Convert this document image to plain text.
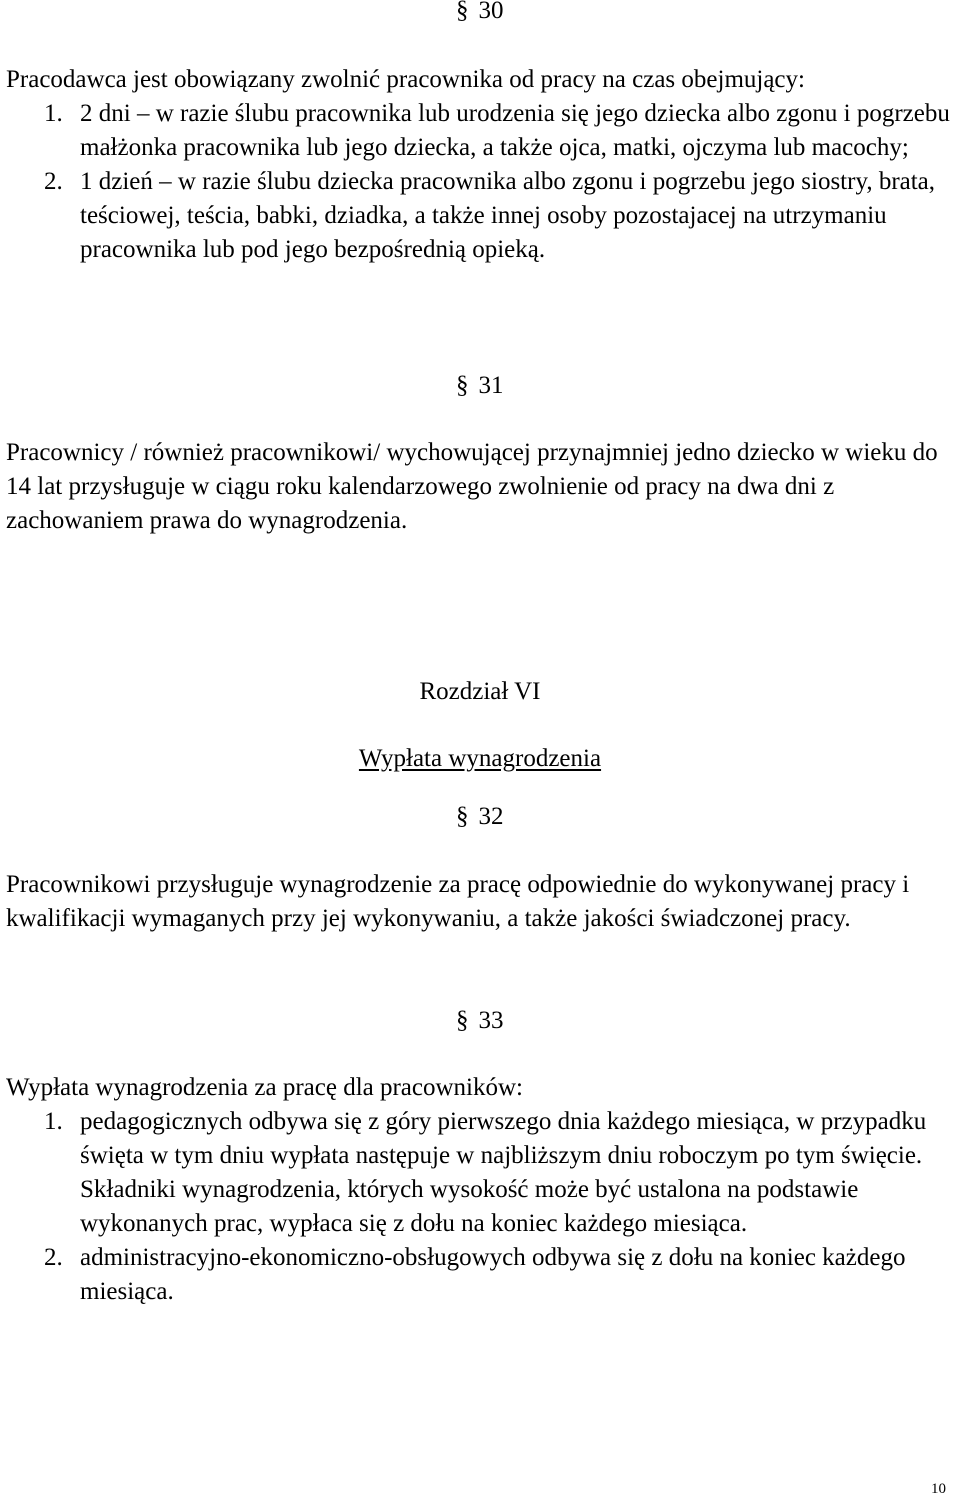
§ 30

Pracodawca jest obowiązany zwolnić pracownika od pracy na czas obejmujący:

1. 2 dni – w razie ślubu pracownika lub urodzenia się jego dziecka albo zgonu i pogrzebu małżonka pracownika lub jego dziecka, a także ojca, matki, ojczyma lub macochy;
2. 1 dzień – w razie ślubu dziecka pracownika albo zgonu i pogrzebu jego siostry, brata, teściowej, teścia, babki, dziadka, a także innej osoby pozostajacej na utrzymaniu pracownika lub pod jego bezpośrednią opieką.
§ 31

Pracownicy / również pracownikowi/ wychowującej przynajmniej jedno dziecko w wieku do 14 lat przysługuje w ciągu roku kalendarzowego zwolnienie od pracy na dwa dni z zachowaniem prawa do wynagrodzenia.

Rozdział VI
Wypłata wynagrodzenia
§ 32

Pracownikowi przysługuje wynagrodzenie za pracę odpowiednie do wykonywanej pracy i kwalifikacji wymaganych przy jej wykonywaniu, a także jakości świadczonej pracy.

§ 33

Wypłata wynagrodzenia za pracę dla pracowników:

1. pedagogicznych odbywa się z góry pierwszego dnia każdego miesiąca, w przypadku święta w tym dniu wypłata następuje w najbliższym dniu roboczym po tym święcie. Składniki wynagrodzenia, których wysokość może być ustalona na podstawie wykonanych prac, wypłaca się z dołu na koniec każdego miesiąca.
2. administracyjno-ekonomiczno-obsługowych odbywa się z dołu na koniec każdego miesiąca.
10
